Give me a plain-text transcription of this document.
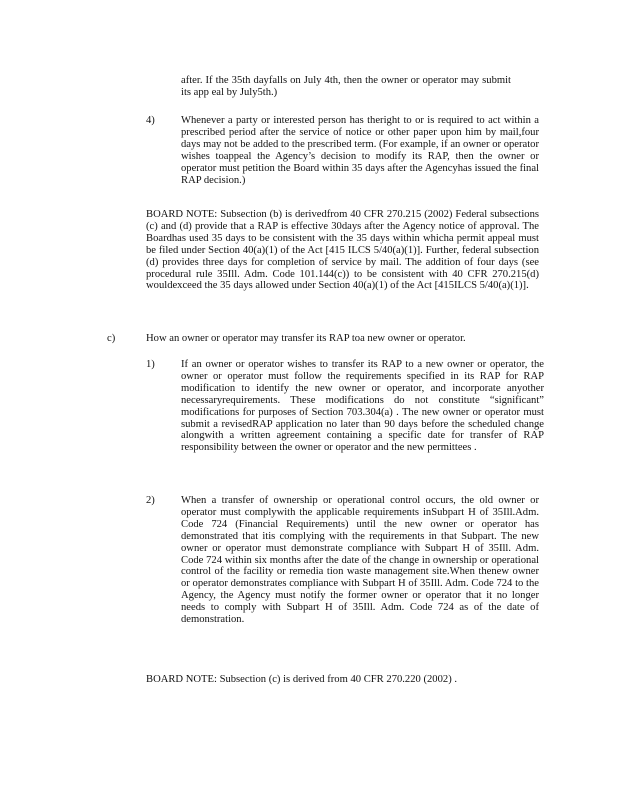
after. If the 35th dayfalls on July 4th, then the owner or operator may submit its app eal by July5th.)

4) Whenever a party or interested person has theright to or is required to act within a prescribed period after the service of notice or other paper upon him by mail,four days may not be added to the prescribed term. (For example, if an owner or operator wishes toappeal the Agency’s decision to modify its RAP, then the owner or operator must petition the Board within 35 days after the Agencyhas issued the final RAP decision.)

BOARD NOTE: Subsection (b) is derivedfrom 40 CFR 270.215 (2002) Federal subsections (c) and (d) provide that a RAP is effective 30days after the Agency notice of approval. The Boardhas used 35 days to be consistent with the 35 days within whicha permit appeal must be filed under Section 40(a)(1) of the Act [415 ILCS 5/40(a)(1)]. Further, federal subsection (d) provides three days for completion of service by mail. The addition of four days (see procedural rule 35Ill. Adm. Code 101.144(c)) to be consistent with 40 CFR 270.215(d) wouldexceed the 35 days allowed under Section 40(a)(1) of the Act [415ILCS 5/40(a)(1)].

c)	How an owner or operator may transfer its RAP toa new owner or operator.

1) If an owner or operator wishes to transfer its RAP to a new owner or operator, the owner or operator must follow the requirements specified in its RAP for RAP modification to identify the new owner or operator, and incorporate anyother necessaryrequirements. These modifications do not constitute “significant” modifications for purposes of Section 703.304(a) . The new owner or operator must submit a revisedRAP application no later than 90 days before the scheduled change alongwith a written agreement containing a specific date for transfer of RAP responsibility between the owner or operator and the new permittees .

2) When a transfer of ownership or operational control occurs, the old owner or operator must complywith the applicable requirements inSubpart H of 35Ill.Adm. Code 724 (Financial Requirements) until the new owner or operator has demonstrated that itis complying with the requirements in that Subpart. The new owner or operator must demonstrate compliance with Subpart H of 35Ill. Adm. Code 724 within six months after the date of the change in ownership or operational control of the facility or remedia tion waste management site.When thenew owner or operator demonstrates compliance with Subpart H of 35Ill. Adm. Code 724 to the Agency, the Agency must notify the former owner or operator that it no longer needs to comply with Subpart H of 35Ill. Adm. Code 724 as of the date of demonstration.

BOARD NOTE: Subsection (c) is derived from 40 CFR 270.220 (2002) .
